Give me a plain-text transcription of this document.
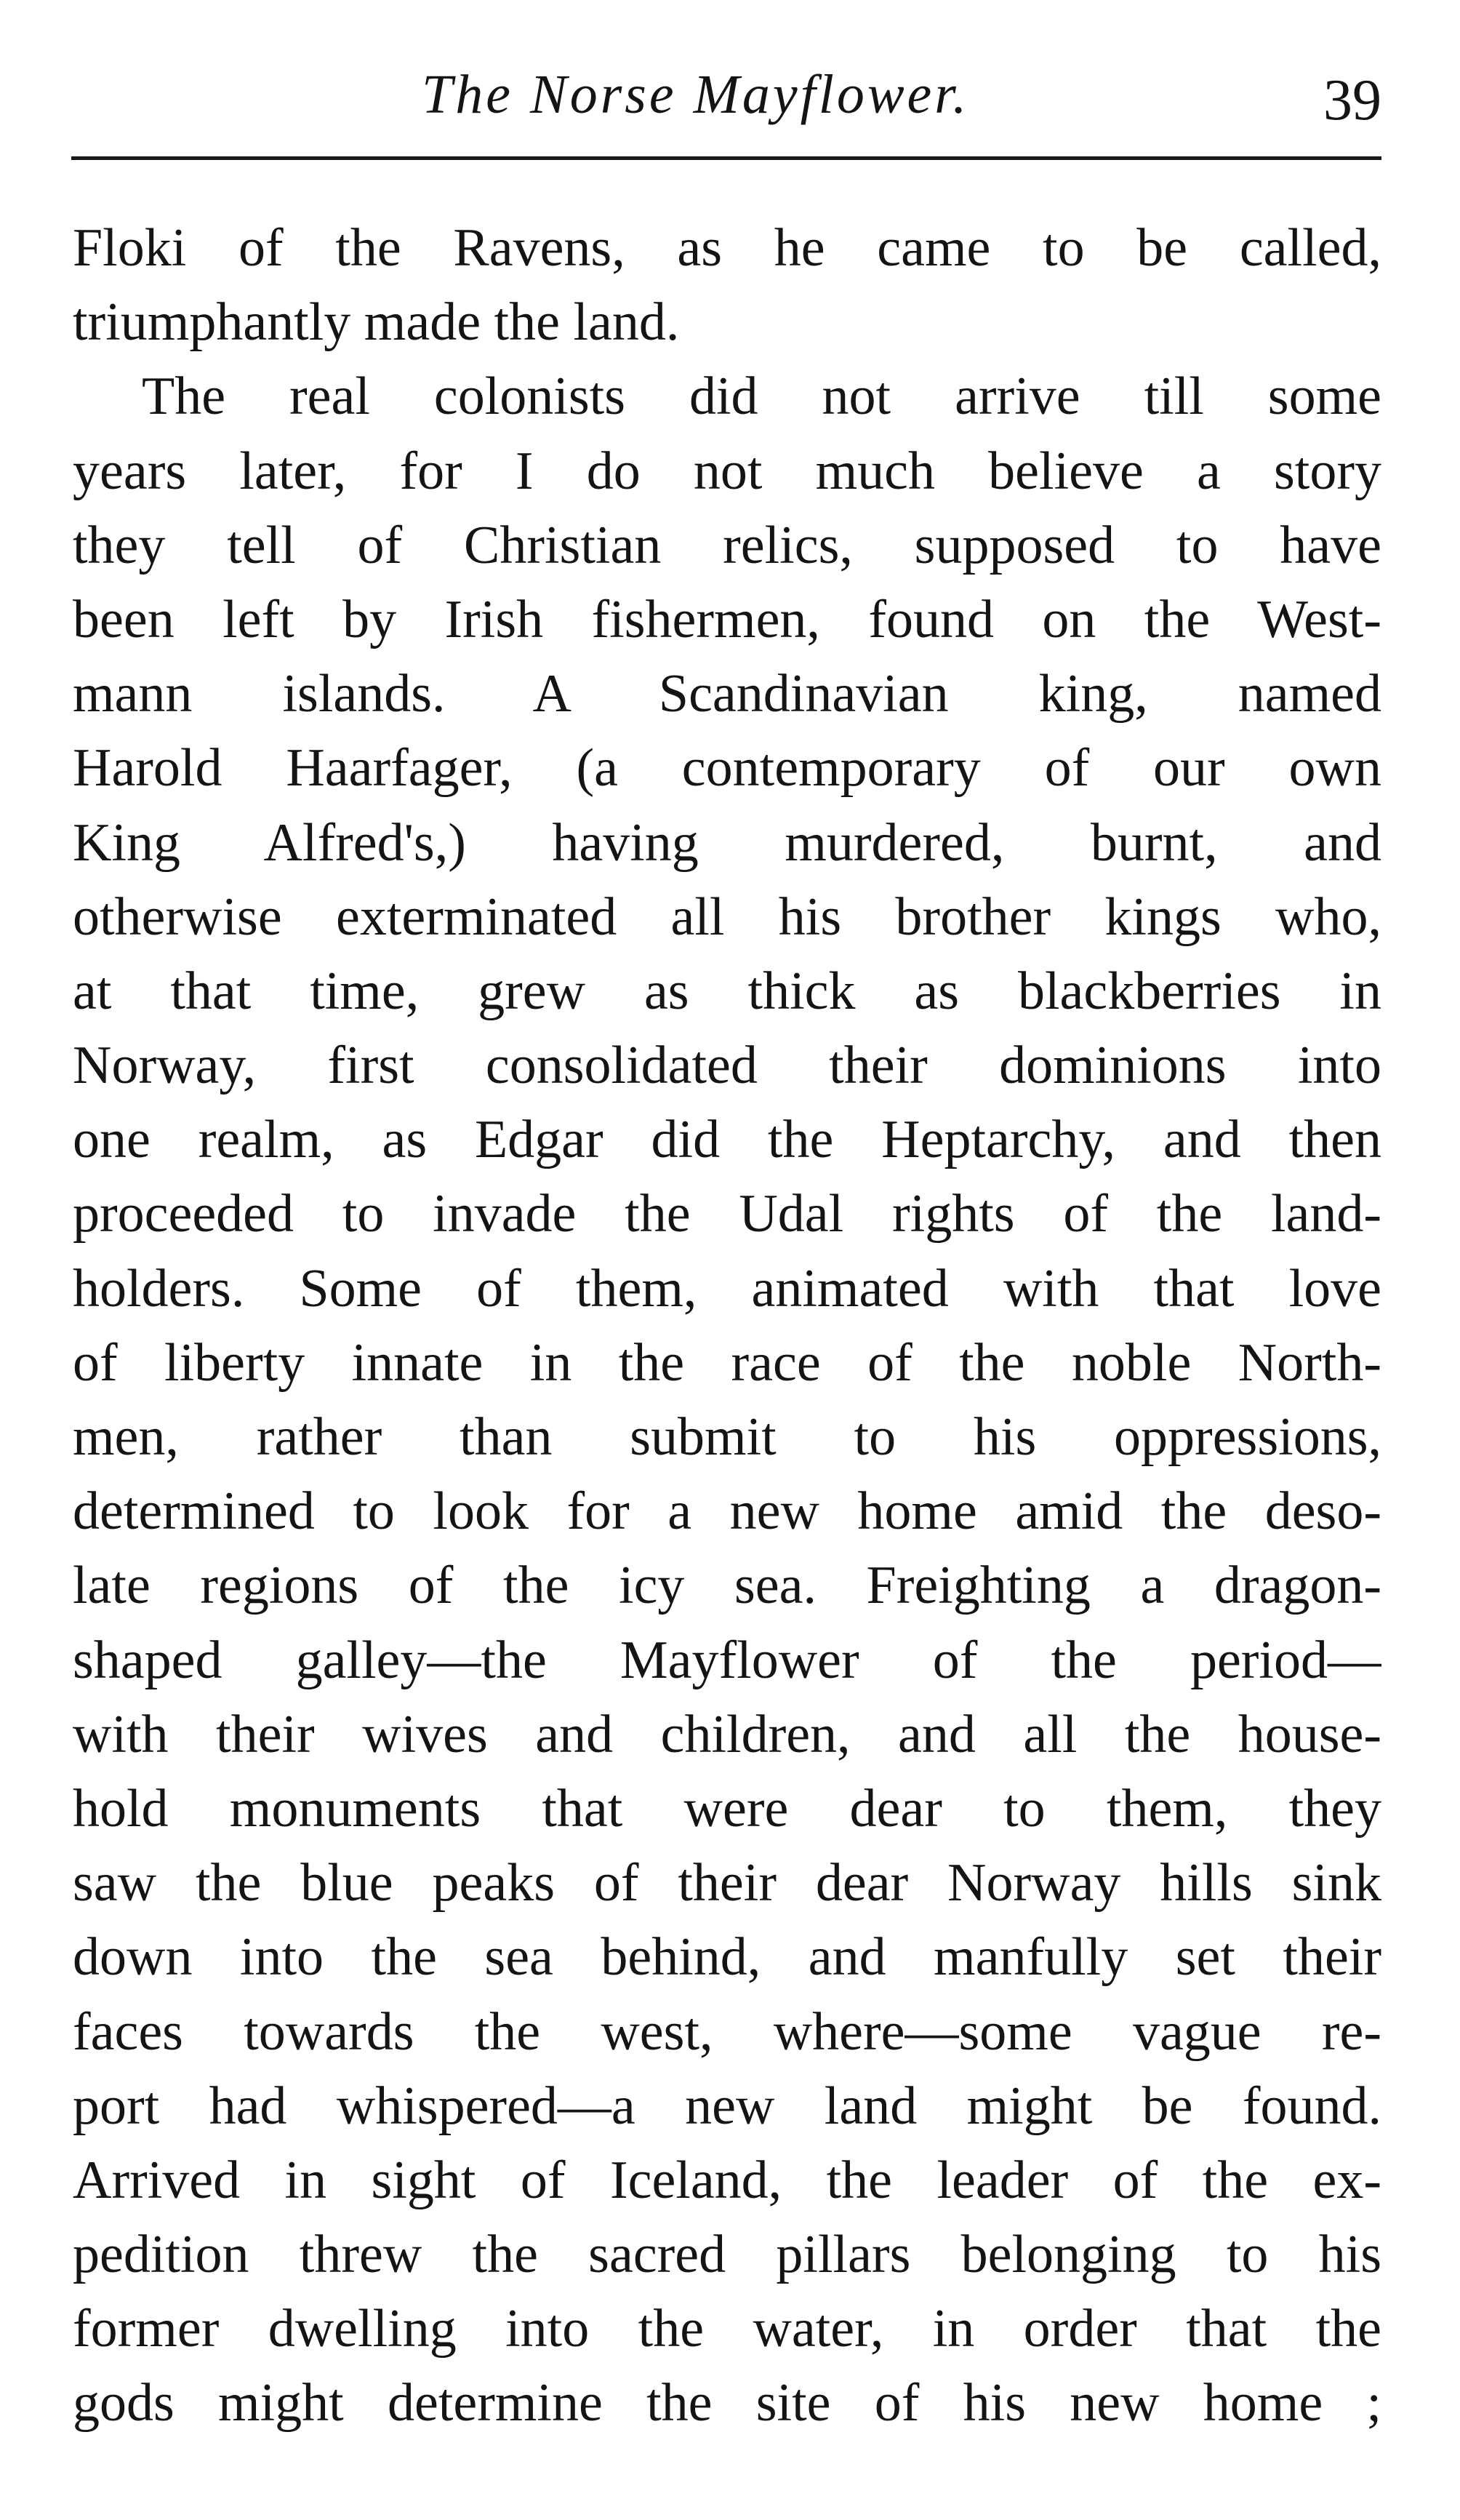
The Norse Mayflower.	39
Floki of the Ravens, as he came to be called,
triumphantly made the land.
The real colonists did not arrive till some
years later, for I do not much believe a story
they tell of Christian relics, supposed to have
been left by Irish fishermen, found on the West-
mann islands. A Scandinavian king, named
Harold Haarfager, (a contemporary of our own
King Alfred's,) having murdered, burnt, and
otherwise exterminated all his brother kings who,
at that time, grew as thick as blackberries in
Norway, first consolidated their dominions into
one realm, as Edgar did the Heptarchy, and then
proceeded to invade the Udal rights of the land-
holders. Some of them, animated with that love
of liberty innate in the race of the noble North-
men, rather than submit to his oppressions,
determined to look for a new home amid the deso-
late regions of the icy sea. Freighting a dragon-
shaped galley—the Mayflower of the period—
with their wives and children, and all the house-
hold monuments that were dear to them, they
saw the blue peaks of their dear Norway hills sink
down into the sea behind, and manfully set their
faces towards the west, where—some vague re-
port had whispered—a new land might be found.
Arrived in sight of Iceland, the leader of the ex-
pedition threw the sacred pillars belonging to his
former dwelling into the water, in order that the
gods might determine the site of his new home ;
